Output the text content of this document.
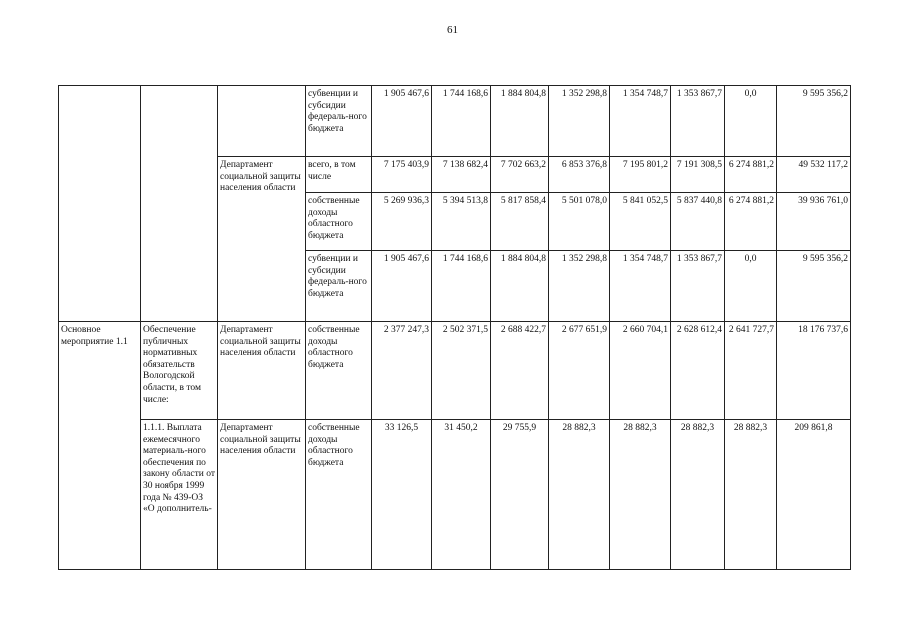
61
			субвенции и субсидии федераль-ного бюджета	1 905 467,6	1 744 168,6	1 884 804,8	1 352 298,8	1 354 748,7	1 353 867,7	0,0	9 595 356,2
		Департамент социальной защиты населения области	всего, в том числе	7 175 403,9	7 138 682,4	7 702 663,2	6 853 376,8	7 195 801,2	7 191 308,5	6 274 881,2	49 532 117,2
			собственные доходы областного бюджета	5 269 936,3	5 394 513,8	5 817 858,4	5 501 078,0	5 841 052,5	5 837 440,8	6 274 881,2	39 936 761,0
			субвенции и субсидии федераль-ного бюджета	1 905 467,6	1 744 168,6	1 884 804,8	1 352 298,8	1 354 748,7	1 353 867,7	0,0	9 595 356,2
Основное мероприятие 1.1	Обеспечение публичных нормативных обязательств Вологодской области, в том числе:	Департамент социальной защиты населения области	собственные доходы областного бюджета	2 377 247,3	2 502 371,5	2 688 422,7	2 677 651,9	2 660 704,1	2 628 612,4	2 641 727,7	18 176 737,6
	1.1.1. Выплата ежемесячного материаль-ного обеспечения по закону области от 30 ноября 1999 года № 439-ОЗ «О дополнитель-	Департамент социальной защиты населения области	собственные доходы областного бюджета	33 126,5	31 450,2	29 755,9	28 882,3	28 882,3	28 882,3	28 882,3	209 861,8
